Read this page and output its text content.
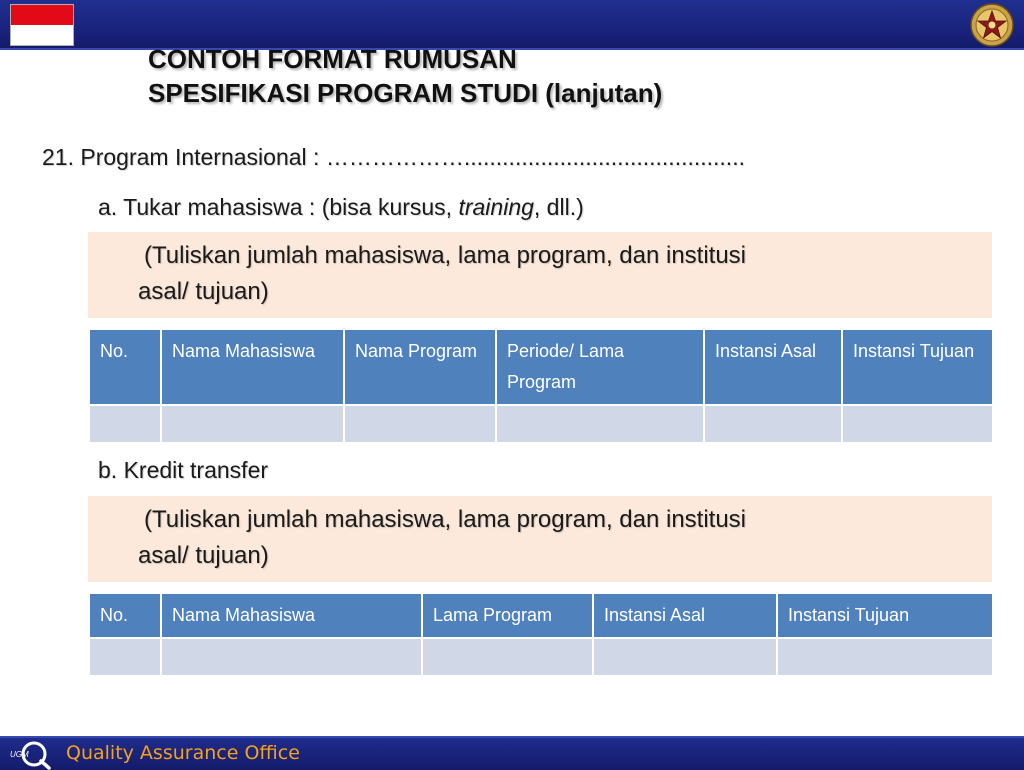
CONTOH FORMAT RUMUSAN
SPESIFIKASI PROGRAM STUDI (lanjutan)
21. Program Internasional : ………………............................................
a. Tukar mahasiswa : (bisa kursus, training, dll.)
(Tuliskan jumlah mahasiswa, lama program, dan institusi
asal/ tujuan)
No.	Nama Mahasiswa	Nama Program	Periode/ Lama Program	Instansi Asal	Instansi Tujuan

b. Kredit transfer
(Tuliskan jumlah mahasiswa, lama program, dan institusi
asal/ tujuan)
No.	Nama Mahasiswa	Lama Program	Instansi Asal	Instansi Tujuan

UGM Quality Assurance Office
